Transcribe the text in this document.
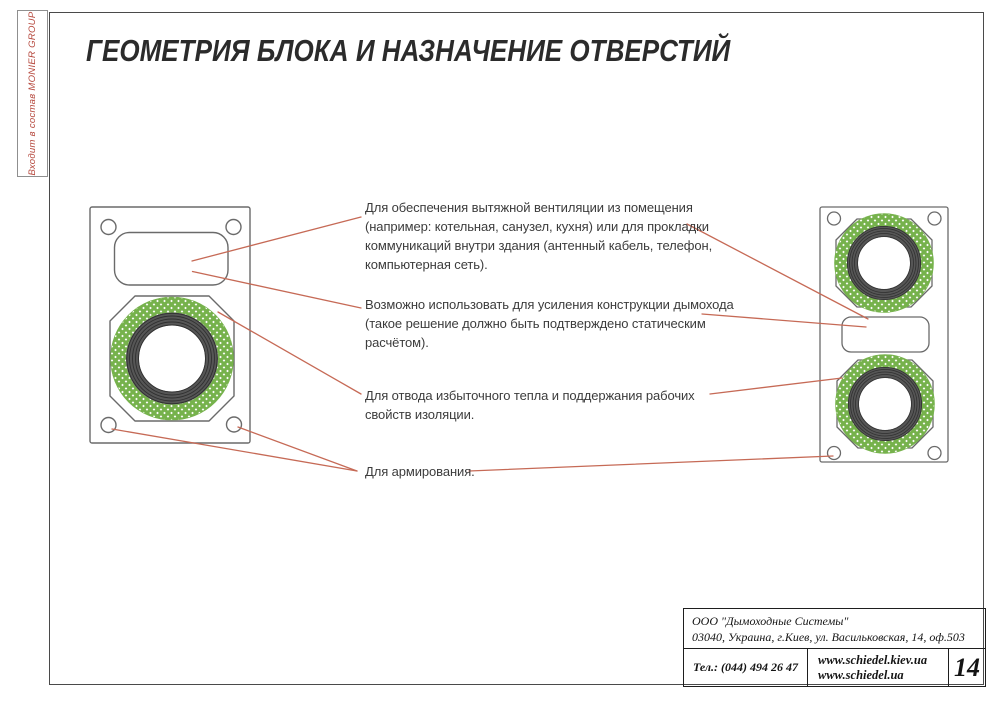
Входит в состав MONIER GROUP ГЕОМЕТРИЯ БЛОКА И НАЗНАЧЕНИЕ ОТВЕРСТИЙ
Для обеспечения вытяжной вентиляции из помещения
(например: котельная, санузел, кухня) или для прокладки
коммуникаций внутри здания (антенный кабель, телефон,
компьютерная сеть).
Возможно использовать для усиления конструкции дымохода
(такое решение должно быть подтверждено статическим
расчётом).
Для отвода избыточного тепла и поддержания рабочих
свойств изоляции.
Для армирования.
ООО "Дымоходные Системы"
03040, Украина, г.Киев, ул. Васильковская, 14, оф.503
Тел.: (044) 494 26 47
www.schiedel.kiev.ua
www.schiedel.ua	14
